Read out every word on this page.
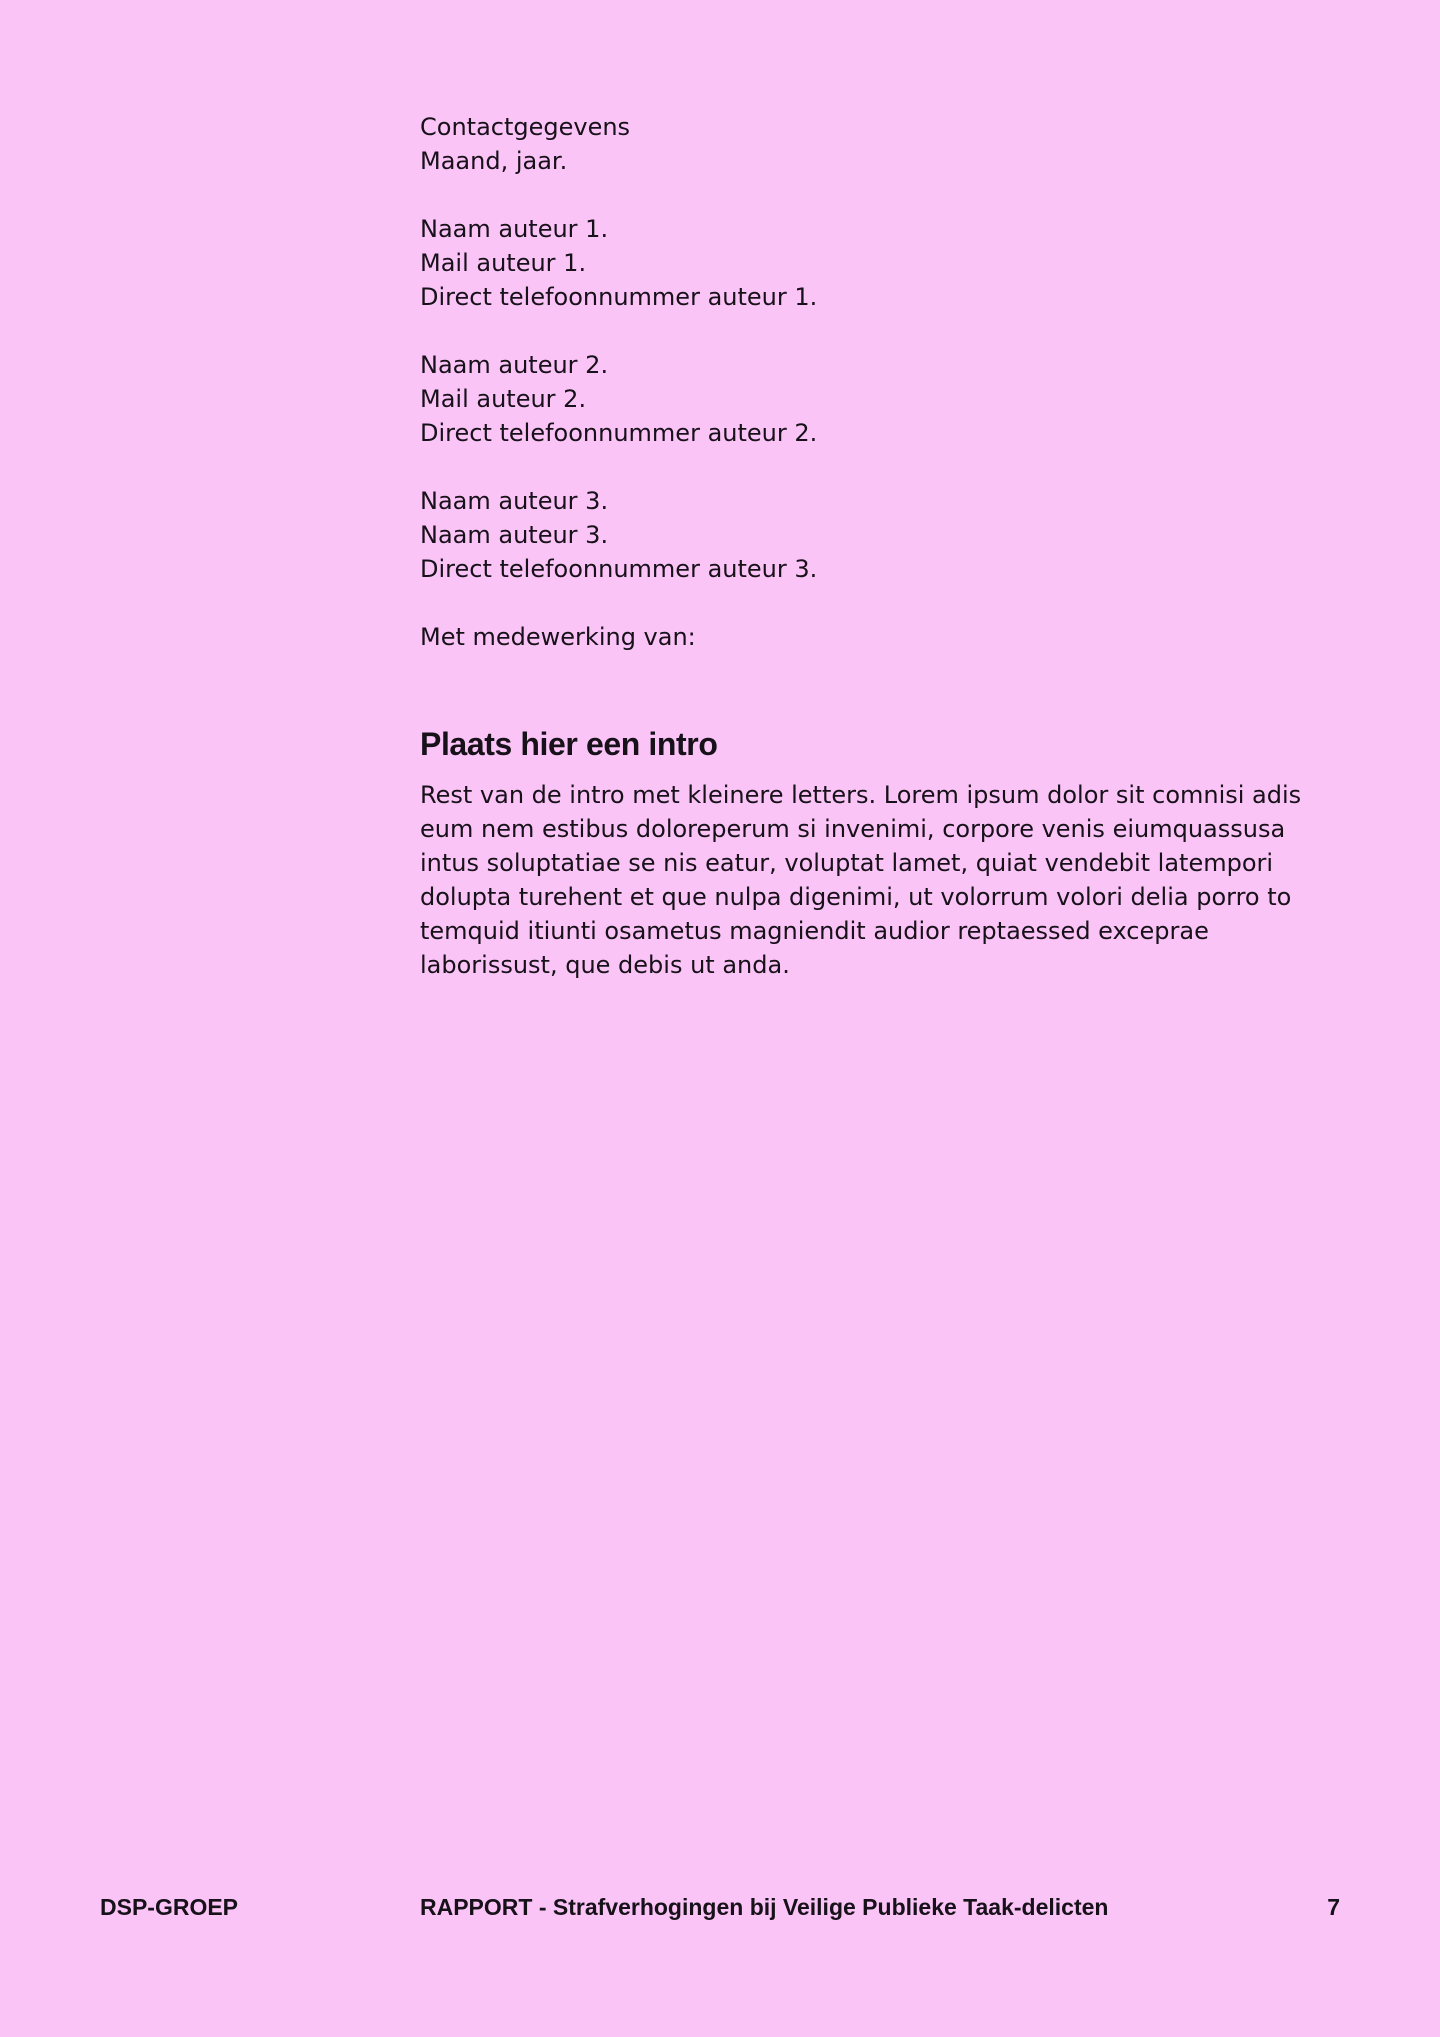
Contactgegevens
Maand, jaar.
Naam auteur 1.
Mail auteur 1.
Direct telefoonnummer auteur 1.
Naam auteur 2.
Mail auteur 2.
Direct telefoonnummer auteur 2.
Naam auteur 3.
Naam auteur 3.
Direct telefoonnummer auteur 3.
Met medewerking van:
Plaats hier een intro

Rest van de intro met kleinere letters. Lorem ipsum dolor sit comnisi adis eum nem estibus doloreperum si invenimi, corpore venis eiumquassusa intus soluptatiae se nis eatur, voluptat lamet, quiat vendebit latempori dolupta turehent et que nulpa digenimi, ut volorrum volori delia porro to temquid itiunti osametus magniendit audior reptaessed exceprae laborissust, que debis ut anda.

DSP-GROEP	RAPPORT - Strafverhogingen bij Veilige Publieke Taak-delicten	7
